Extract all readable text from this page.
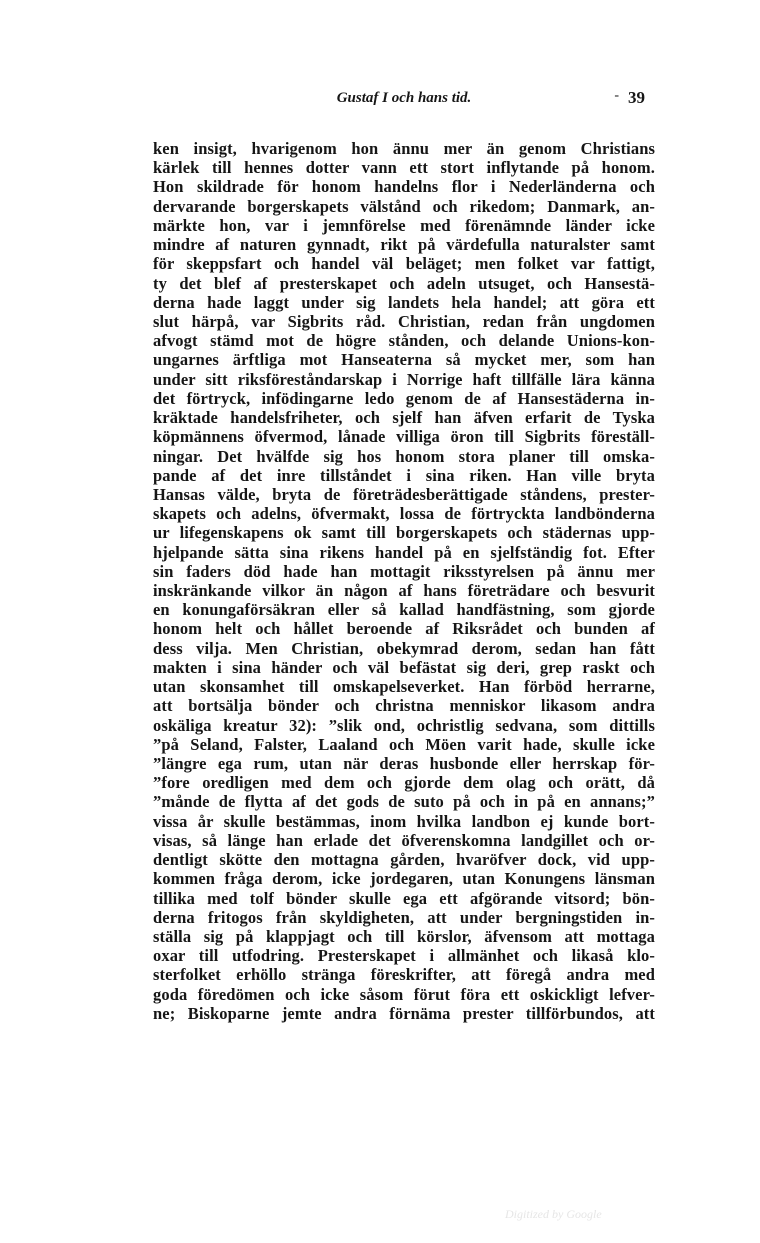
Gustaf I och hans tid.	- 39
ken insigt, hvarigenom hon ännu mer än genom Christians
kärlek till hennes dotter vann ett stort inflytande på honom.
Hon skildrade för honom handelns flor i Nederländerna och
dervarande borgerskapets välstånd och rikedom; Danmark, an-
märkte hon, var i jemnförelse med förenämnde länder icke
mindre af naturen gynnadt, rikt på värdefulla naturalster samt
för skeppsfart och handel väl beläget; men folket var fattigt,
ty det blef af presterskapet och adeln utsuget, och Hansestä-
derna hade laggt under sig landets hela handel; att göra ett
slut härpå, var Sigbrits råd. Christian, redan från ungdomen
afvogt stämd mot de högre stånden, och delande Unions-kon-
ungarnes ärftliga mot Hanseaterna så mycket mer, som han
under sitt riksföreståndarskap i Norrige haft tillfälle lära känna
det förtryck, infödingarne ledo genom de af Hansestäderna in-
kräktade handelsfriheter, och sjelf han äfven erfarit de Tyska
köpmännens öfvermod, lånade villiga öron till Sigbrits föreställ-
ningar. Det hvälfde sig hos honom stora planer till omska-
pande af det inre tillståndet i sina riken. Han ville bryta
Hansas välde, bryta de företrädesberättigade ståndens, prester-
skapets och adelns, öfvermakt, lossa de förtryckta landbönderna
ur lifegenskapens ok samt till borgerskapets och städernas upp-
hjelpande sätta sina rikens handel på en sjelfständig fot. Efter
sin faders död hade han mottagit riksstyrelsen på ännu mer
inskränkande vilkor än någon af hans företrädare och besvurit
en konungaförsäkran eller så kallad handfästning, som gjorde
honom helt och hållet beroende af Riksrådet och bunden af
dess vilja. Men Christian, obekymrad derom, sedan han fått
makten i sina händer och väl befästat sig deri, grep raskt och
utan skonsamhet till omskapelseverket. Han förböd herrarne,
att bortsälja bönder och christna menniskor likasom andra
oskäliga kreatur 32): ”slik ond, ochristlig sedvana, som dittills
”på Seland, Falster, Laaland och Möen varit hade, skulle icke
”längre ega rum, utan när deras husbonde eller herrskap för-
”fore oredligen med dem och gjorde dem olag och orätt, då
”månde de flytta af det gods de suto på och in på en annans;”
vissa år skulle bestämmas, inom hvilka landbon ej kunde bort-
visas, så länge han erlade det öfverenskomna landgillet och or-
dentligt skötte den mottagna gården, hvaröfver dock, vid upp-
kommen fråga derom, icke jordegaren, utan Konungens länsman
tillika med tolf bönder skulle ega ett afgörande vitsord; bön-
derna fritogos från skyldigheten, att under bergningstiden in-
ställa sig på klappjagt och till körslor, äfvensom att mottaga
oxar till utfodring. Presterskapet i allmänhet och likaså klo-
sterfolket erhöllo stränga föreskrifter, att föregå andra med
goda föredömen och icke såsom förut föra ett oskickligt lefver-
ne; Biskoparne jemte andra förnäma prester tillförbundos, att
Digitized by Google
